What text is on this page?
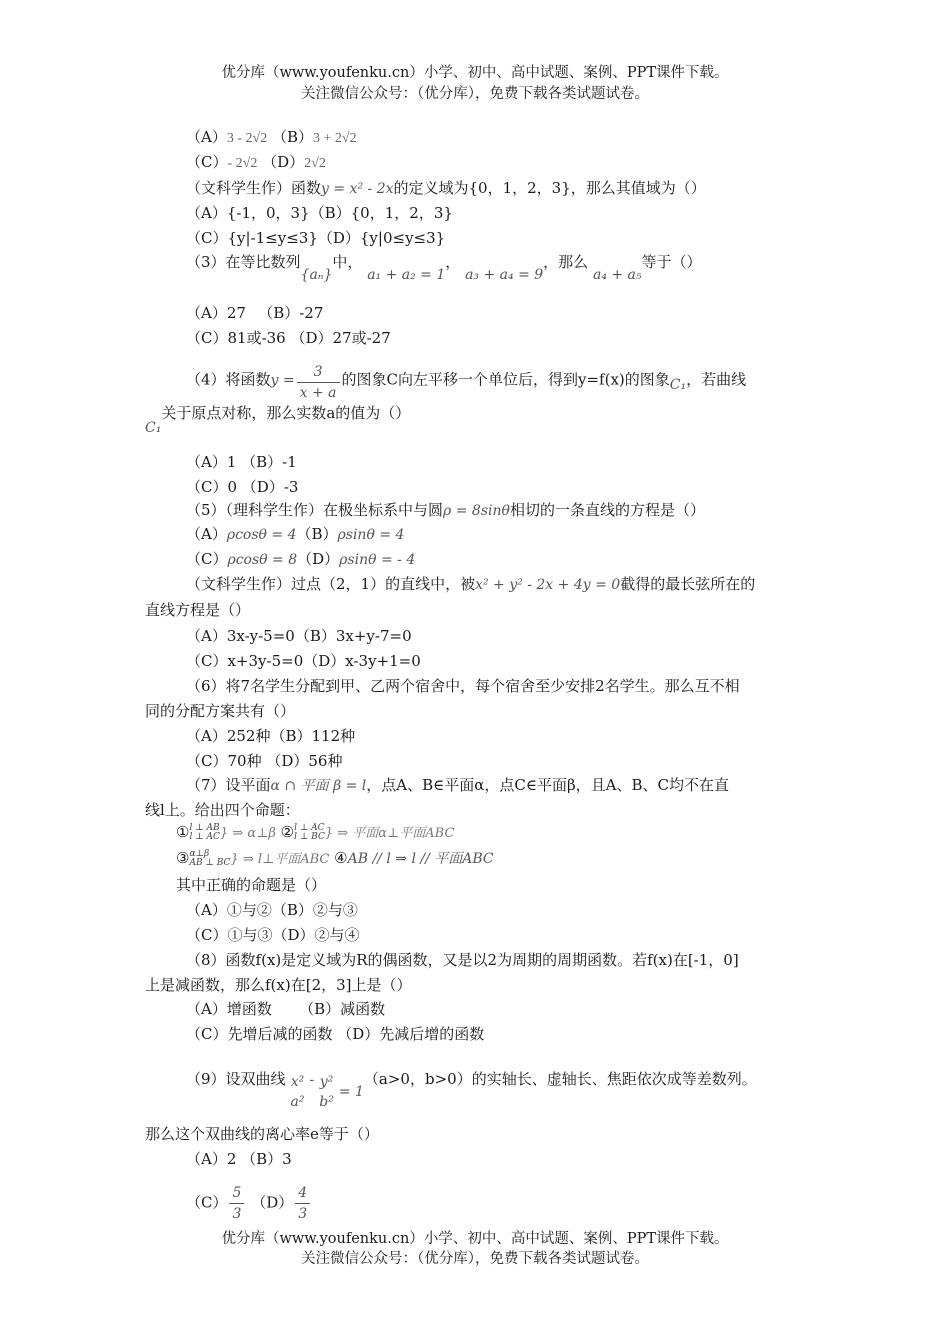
优分库（www.youfenku.cn）小学、初中、高中试题、案例、PPT课件下载。
关注微信公众号：（优分库），免费下载各类试题试卷。
（A）3 - 2√2 （B）3 + 2√2
（C）- 2√2 （D）2√2
（文科学生作）函数y = x² - 2x的定义域为{0，1，2，3}，那么其值域为（）
（A）{-1，0，3}（B）{0，1，2，3}
（C）{y|-1≤y≤3}（D）{y|0≤y≤3}
（3）在等比数列{aₙ}中， a₁ + a₂ = 1， a₃ + a₄ = 9，那么 a₄ + a₅等于（）
（A）27 　（B）-27
（C）81或-36 （D）27或-27
（4）将函数$y = \frac{3}{x + a}$ 的图象C向左平移一个单位后，得到y=f(x)的图象C₁，若曲线
C₁关于原点对称，那么实数a的值为（）
（A）1 （B）-1
（C）0 （D）-3
（5）（理科学生作）在极坐标系中与圆ρ = 8sinθ相切的一条直线的方程是（）
（A）ρcosθ = 4（B）ρsinθ = 4
（C）ρcosθ = 8（D）ρsinθ = - 4
（文科学生作）过点（2，1）的直线中，被x² + y² - 2x + 4y = 0截得的最长弦所在的
直线方程是（）
（A）3x-y-5=0（B）3x+y-7=0
（C）x+3y-5=0（D）x-3y+1=0
（6）将7名学生分配到甲、乙两个宿舍中，每个宿舍至少安排2名学生。那么互不相
同的分配方案共有（）
（A）252种（B）112种
（C）70种 （D）56种
（7）设平面α ∩ 平面 β = l，点A、B∈平面α，点C∈平面β，且A、B、C均不在直
线l上。给出四个命题：
① l ⊥ AB
l ⊥ AC } ⇒ α⊥β ② l ⊥ AC
l ⊥ BC } ⇒ 平面α⊥平面ABC
③ α⊥β
AB ⊥ BC } ⇒ l⊥平面ABC ④AB // l ⇒ l // 平面ABC
其中正确的命题是（）
（A）①与②（B）②与③
（C）①与③（D）②与④
（8）函数f(x)是定义域为R的偶函数，又是以2为周期的周期函数。若f(x)在[-1，0]
上是减函数，那么f(x)在[2，3]上是（）
（A）增函数 　　（B）减函数
（C）先增后减的函数 （D）先减后增的函数
（9）设双曲线 x²
a²
- y²
b²
= 1（a>0，b>0）的实轴长、虚轴长、焦距依次成等差数列。
那么这个双曲线的离心率e等于（）
（A）2 （B）3
$(C) \frac{5}{3} (D) \frac{4}{3}$
优分库（www.youfenku.cn）小学、初中、高中试题、案例、PPT课件下载。
关注微信公众号：（优分库），免费下载各类试题试卷。
